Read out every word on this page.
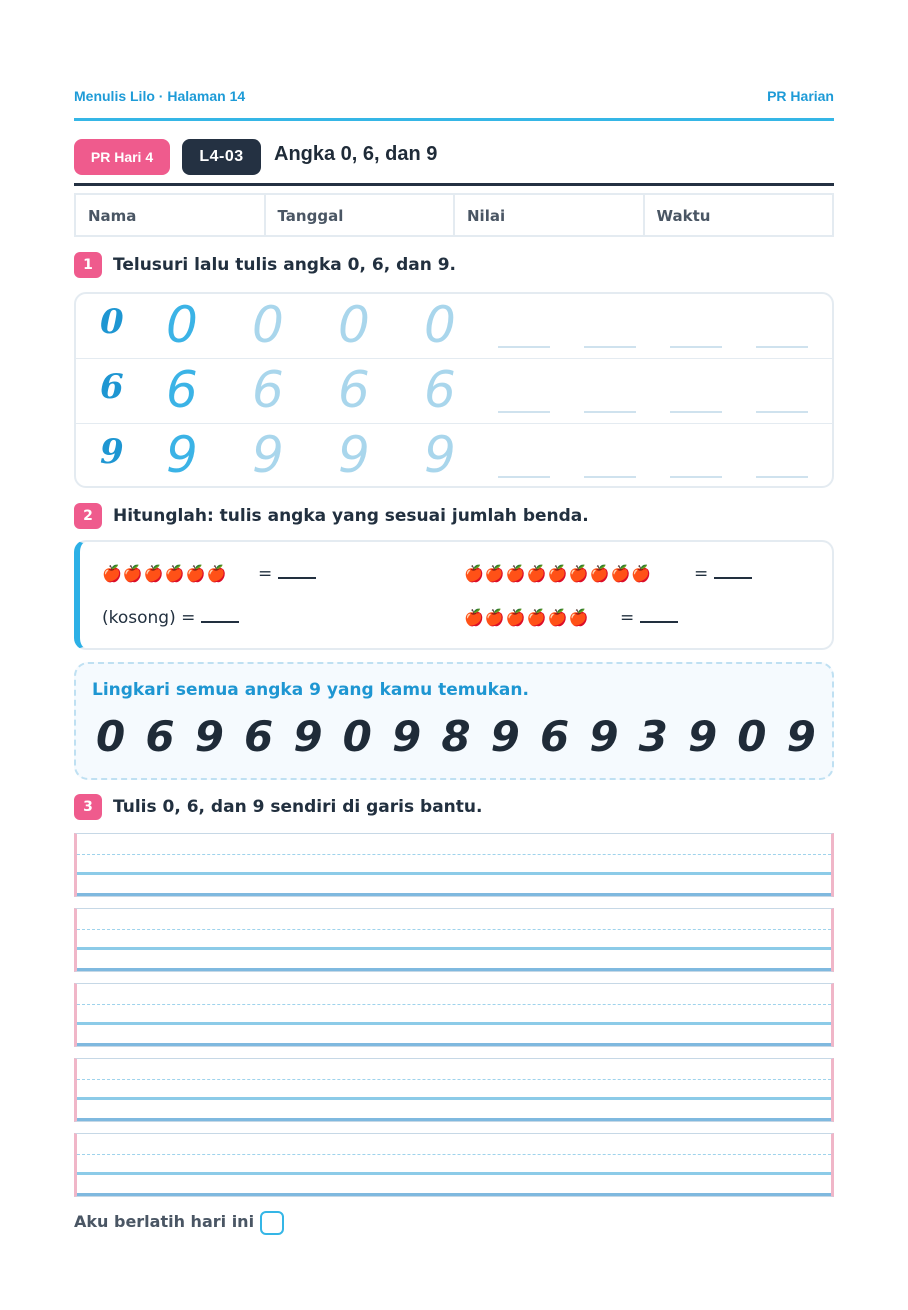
Menulis Lilo · Halaman 14	PR Harian
PR Hari 4	L4-03	Angka 0, 6, dan 9
Nama	Tanggal	Nilai	Waktu
1	Telusuri lalu tulis angka 0, 6, dan 9.
0 0 0 0 0
6 6 6 6 6
9 9 9 9 9
2	Hitunglah: tulis angka yang sesuai jumlah benda.
🍎🍎🍎🍎🍎🍎 =	🍎🍎🍎🍎🍎🍎🍎🍎🍎 =
(kosong) =	🍎🍎🍎🍎🍎🍎 =
Lingkari semua angka 9 yang kamu temukan.
0 6 9 6 9 0 9 8 9 6 9 3 9 0 9
3	Tulis 0, 6, dan 9 sendiri di garis bantu.
Aku berlatih hari ini
